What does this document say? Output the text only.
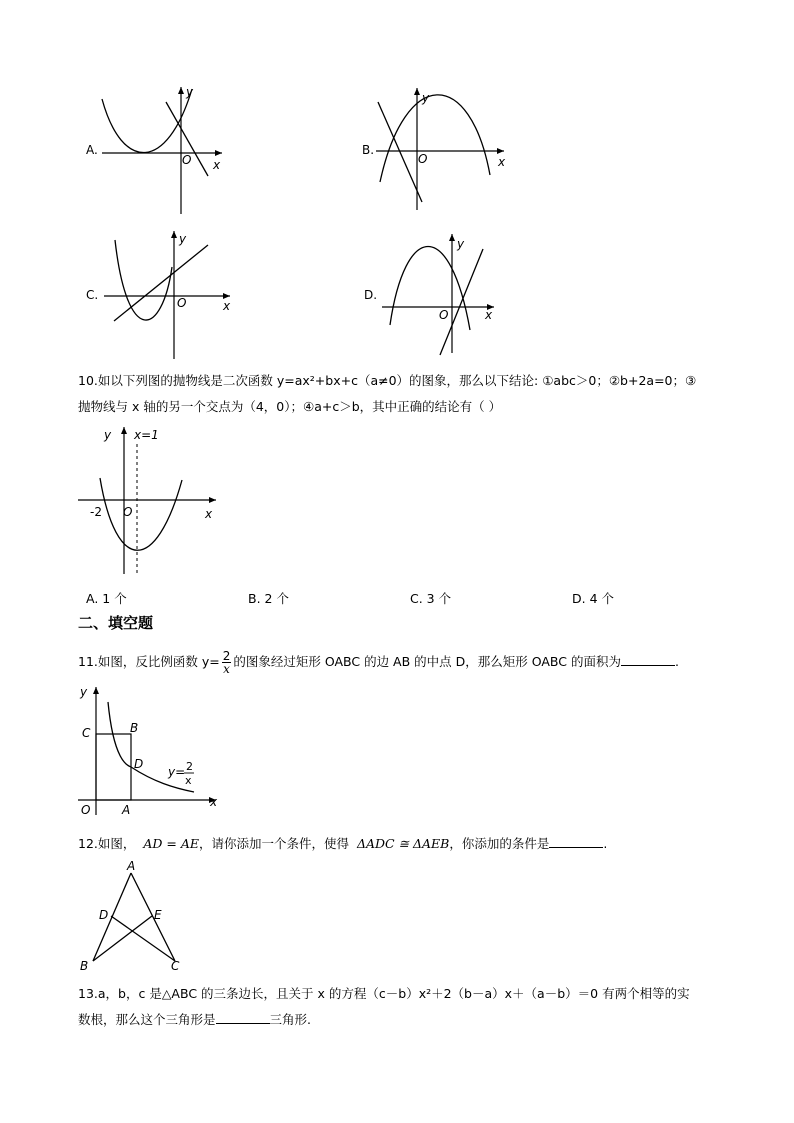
A.
O x
y
B.
O	x
y
C.
O	x
y
D.
O	x
y
10.如以下列图的抛物线是二次函数 y=ax²+bx+c（a≠0）的图象，那么以下结论: ①abc＞0；②b+2a=0；③
抛物线与 x 轴的另一个交点为（4，0）；④a+c＞b，其中正确的结论有（ ）
y x=1
-2 O	x
A. 1 个	B. 2 个	C. 3 个	D. 4 个
二、填空题
11.如图，反比例函数 $y= \frac{2}{x}$ 的图象经过矩形 OABC 的边 AB 的中点 D，那么矩形 OABC 的面积为	.
y
C	B
D
O	A
x
y= 2
x
12.如图， AD = AE，请你添加一个条件，使得 ΔADC ≅ ΔAEB，你添加的条件是	.
A
D	E
B	C
13.a，b，c 是△ABC 的三条边长，且关于 x 的方程（c－b）x²＋2（b－a）x＋（a－b）＝0 有两个相等的实
数根，那么这个三角形是	三角形.
